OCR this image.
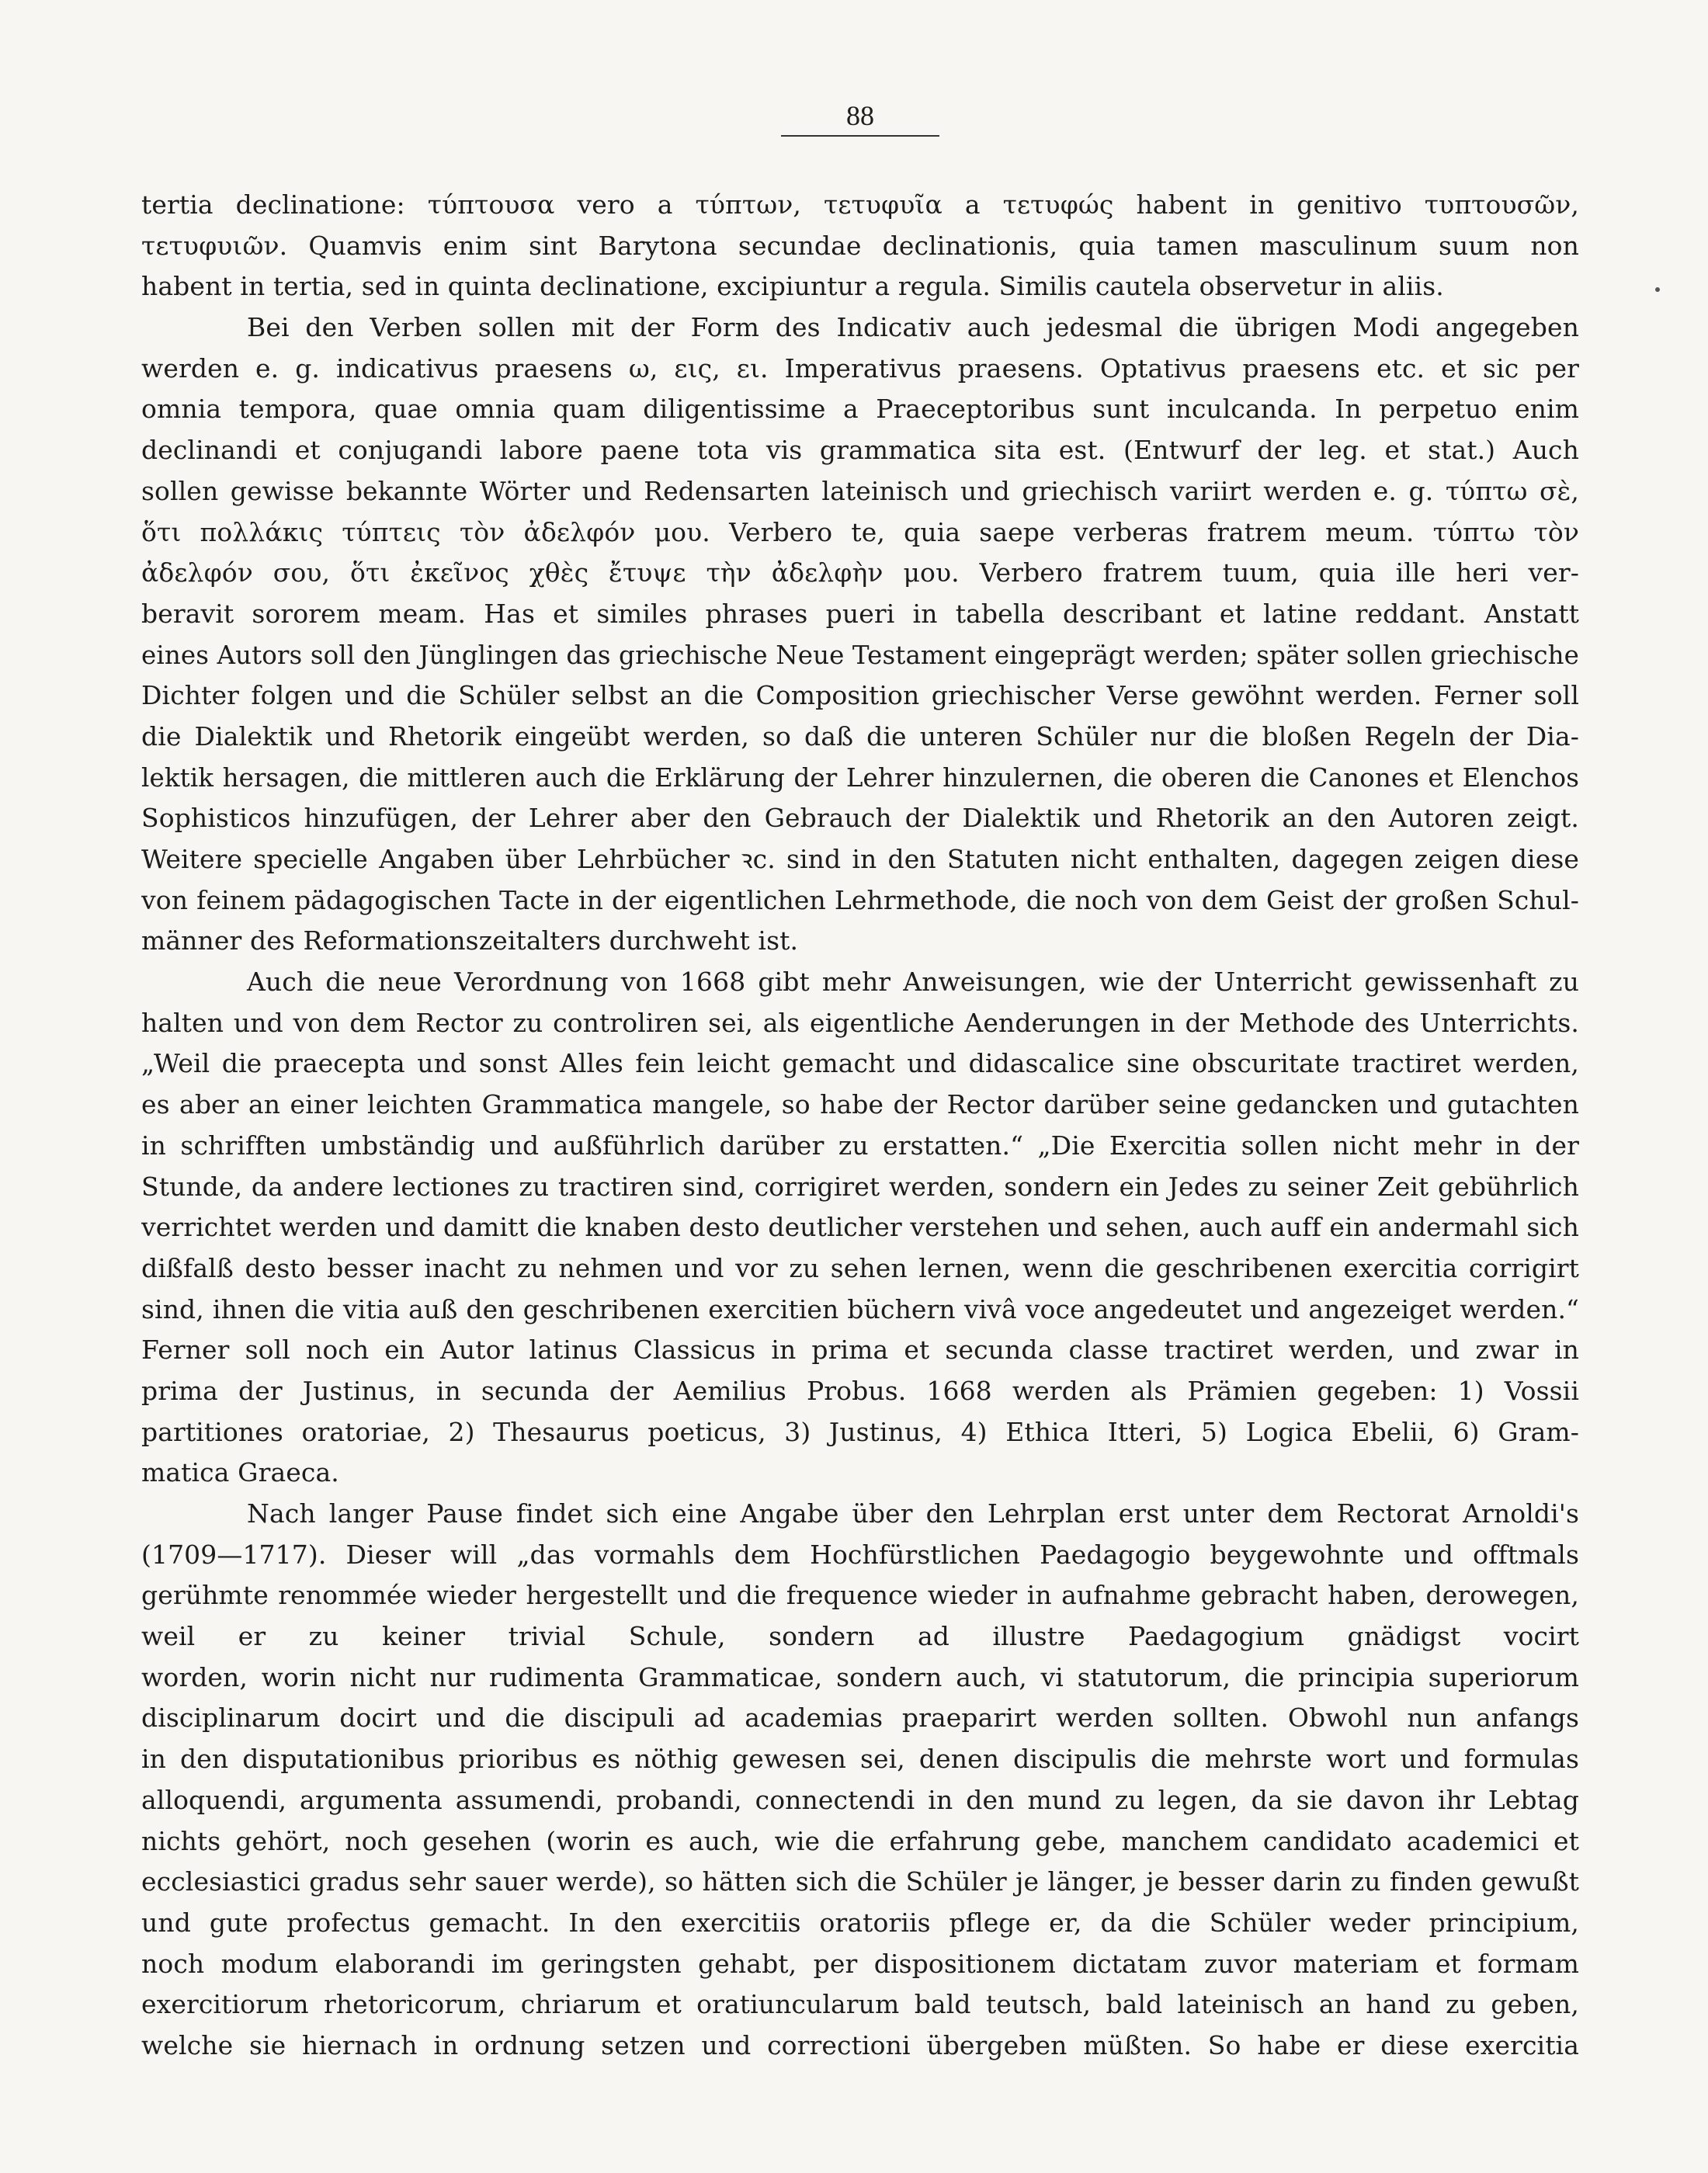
88
tertia declinatione: τύπτουσα vero a τύπτων, τετυφυῖα a τετυφώς habent in genitivo τυπτουσῶν,
τετυφυιῶν. Quamvis enim sint Barytona secundae declinationis, quia tamen masculinum suum non
habent in tertia, sed in quinta declinatione, excipiuntur a regula. Similis cautela observetur in aliis.
Bei den Verben sollen mit der Form des Indicativ auch jedesmal die übrigen Modi angegeben
werden e. g. indicativus praesens ω, εις, ει. Imperativus praesens. Optativus praesens etc. et sic per
omnia tempora, quae omnia quam diligentissime a Praeceptoribus sunt inculcanda. In perpetuo enim
declinandi et conjugandi labore paene tota vis grammatica sita est. (Entwurf der leg. et stat.) Auch
sollen gewisse bekannte Wörter und Redensarten lateinisch und griechisch variirt werden e. g. τύπτω σὲ,
ὅτι πολλάκις τύπτεις τὸν ἀδελφόν μου. Verbero te, quia saepe verberas fratrem meum. τύπτω τὸν
ἀδελφόν σου, ὅτι ἐκεῖνος χθὲς ἔτυψε τὴν ἀδελφὴν μου. Verbero fratrem tuum, quia ille heri ver-
beravit sororem meam. Has et similes phrases pueri in tabella describant et latine reddant. Anstatt
eines Autors soll den Jünglingen das griechische Neue Testament eingeprägt werden; später sollen griechische
Dichter folgen und die Schüler selbst an die Composition griechischer Verse gewöhnt werden. Ferner soll
die Dialektik und Rhetorik eingeübt werden, so daß die unteren Schüler nur die bloßen Regeln der Dia-
lektik hersagen, die mittleren auch die Erklärung der Lehrer hinzulernen, die oberen die Canones et Elenchos
Sophisticos hinzufügen, der Lehrer aber den Gebrauch der Dialektik und Rhetorik an den Autoren zeigt.
Weitere specielle Angaben über Lehrbücher ꝛc. sind in den Statuten nicht enthalten, dagegen zeigen diese
von feinem pädagogischen Tacte in der eigentlichen Lehrmethode, die noch von dem Geist der großen Schul-
männer des Reformationszeitalters durchweht ist.
Auch die neue Verordnung von 1668 gibt mehr Anweisungen, wie der Unterricht gewissenhaft zu
halten und von dem Rector zu controliren sei, als eigentliche Aenderungen in der Methode des Unterrichts.
„Weil die praecepta und sonst Alles fein leicht gemacht und didascalice sine obscuritate tractiret werden,
es aber an einer leichten Grammatica mangele, so habe der Rector darüber seine gedancken und gutachten
in schrifften umbständig und außführlich darüber zu erstatten.“ „Die Exercitia sollen nicht mehr in der
Stunde, da andere lectiones zu tractiren sind, corrigiret werden, sondern ein Jedes zu seiner Zeit gebührlich
verrichtet werden und damitt die knaben desto deutlicher verstehen und sehen, auch auff ein andermahl sich
dißfalß desto besser inacht zu nehmen und vor zu sehen lernen, wenn die geschribenen exercitia corrigirt
sind, ihnen die vitia auß den geschribenen exercitien büchern vivâ voce angedeutet und angezeiget werden.“
Ferner soll noch ein Autor latinus Classicus in prima et secunda classe tractiret werden, und zwar in
prima der Justinus, in secunda der Aemilius Probus. 1668 werden als Prämien gegeben: 1) Vossii
partitiones oratoriae, 2) Thesaurus poeticus, 3) Justinus, 4) Ethica Itteri, 5) Logica Ebelii, 6) Gram-
matica Graeca.
Nach langer Pause findet sich eine Angabe über den Lehrplan erst unter dem Rectorat Arnoldi's
(1709—1717). Dieser will „das vormahls dem Hochfürstlichen Paedagogio beygewohnte und offtmals
gerühmte renommée wieder hergestellt und die frequence wieder in aufnahme gebracht haben, derowegen,
weil er zu keiner trivial Schule, sondern ad illustre Paedagogium gnädigst vocirt
worden, worin nicht nur rudimenta Grammaticae, sondern auch, vi statutorum, die principia superiorum
disciplinarum docirt und die discipuli ad academias praeparirt werden sollten. Obwohl nun anfangs
in den disputationibus prioribus es nöthig gewesen sei, denen discipulis die mehrste wort und formulas
alloquendi, argumenta assumendi, probandi, connectendi in den mund zu legen, da sie davon ihr Lebtag
nichts gehört, noch gesehen (worin es auch, wie die erfahrung gebe, manchem candidato academici et
ecclesiastici gradus sehr sauer werde), so hätten sich die Schüler je länger, je besser darin zu finden gewußt
und gute profectus gemacht. In den exercitiis oratoriis pflege er, da die Schüler weder principium,
noch modum elaborandi im geringsten gehabt, per dispositionem dictatam zuvor materiam et formam
exercitiorum rhetoricorum, chriarum et oratiuncularum bald teutsch, bald lateinisch an hand zu geben,
welche sie hiernach in ordnung setzen und correctioni übergeben müßten. So habe er diese exercitia
